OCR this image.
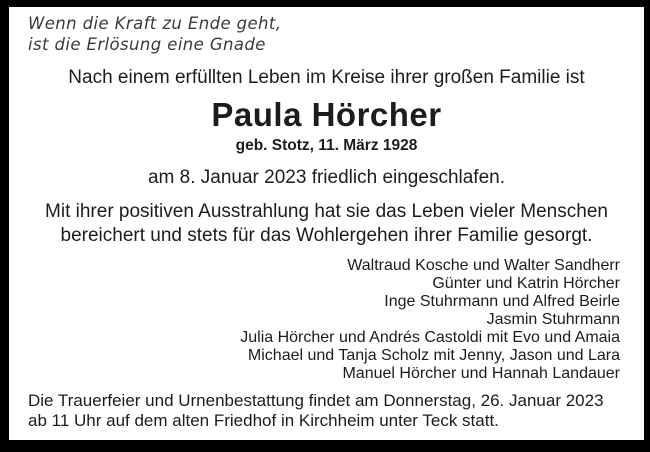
Wenn die Kraft zu Ende geht,
ist die Erlösung eine Gnade
Nach einem erfüllten Leben im Kreise ihrer großen Familie ist
Paula Hörcher
geb. Stotz, 11. März 1928
am 8. Januar 2023 friedlich eingeschlafen.
Mit ihrer positiven Ausstrahlung hat sie das Leben vieler Menschen
bereichert und stets für das Wohlergehen ihrer Familie gesorgt.
Waltraud Kosche und Walter Sandherr
Günter und Katrin Hörcher
Inge Stuhrmann und Alfred Beirle
Jasmin Stuhrmann
Julia Hörcher und Andrés Castoldi mit Evo und Amaia
Michael und Tanja Scholz mit Jenny, Jason und Lara
Manuel Hörcher und Hannah Landauer
Die Trauerfeier und Urnenbestattung findet am Donnerstag, 26. Januar 2023
ab 11 Uhr auf dem alten Friedhof in Kirchheim unter Teck statt.
